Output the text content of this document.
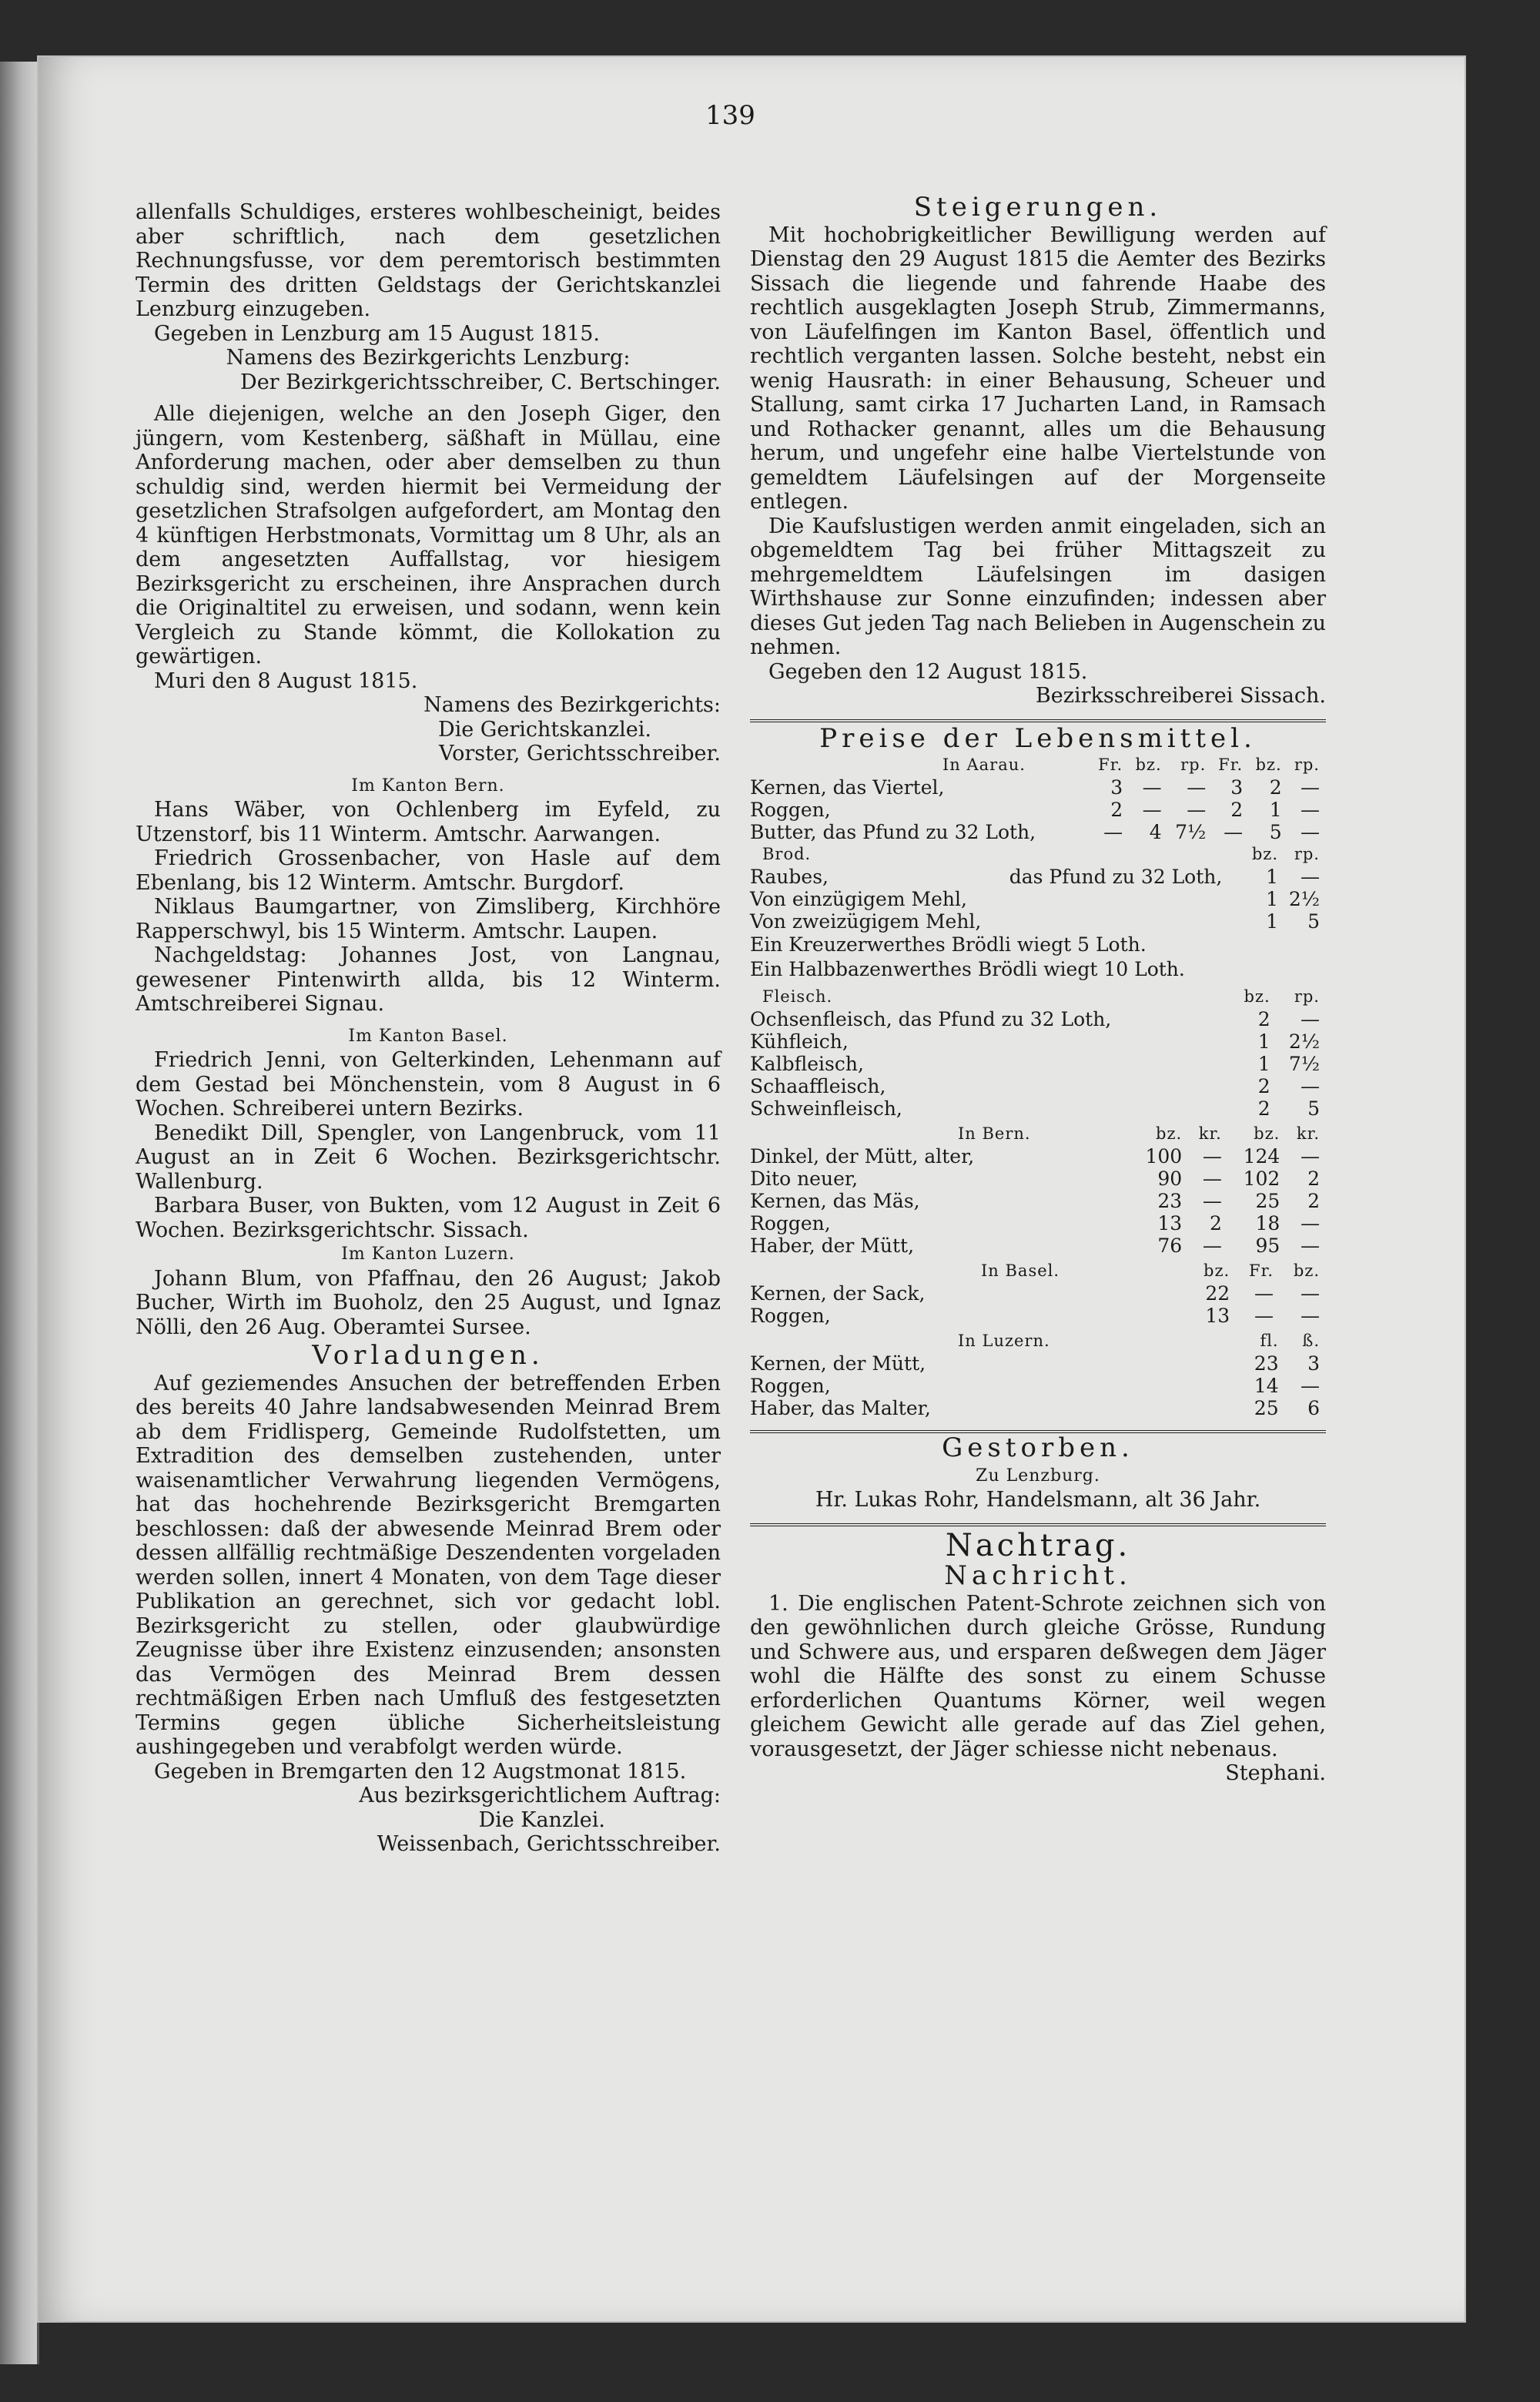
139

allenfalls Schuldiges, ersteres wohlbescheinigt, beides aber schriftlich, nach dem gesetzlichen Rechnungsfusse, vor dem peremtorisch bestimmten Termin des dritten Geldstags der Gerichtskanzlei Lenzburg einzugeben.

Gegeben in Lenzburg am 15 August 1815.

Namens des Bezirkgerichts Lenzburg:

Der Bezirkgerichtsschreiber, C. Bertschinger.

Alle diejenigen, welche an den Joseph Giger, den jüngern, vom Kestenberg, säßhaft in Müllau, eine Anforderung machen, oder aber demselben zu thun schuldig sind, werden hiermit bei Vermeidung der gesetzlichen Strafsolgen aufgefordert, am Montag den 4 künftigen Herbstmonats, Vormittag um 8 Uhr, als an dem angesetzten Auffallstag, vor hiesigem Bezirksgericht zu erscheinen, ihre Ansprachen durch die Originaltitel zu erweisen, und sodann, wenn kein Vergleich zu Stande kömmt, die Kollokation zu gewärtigen.

Muri den 8 August 1815.

Namens des Bezirkgerichts:

Die Gerichtskanzlei.

Vorster, Gerichtsschreiber.

Im Kanton Bern.

Hans Wäber, von Ochlenberg im Eyfeld, zu Utzenstorf, bis 11 Winterm. Amtschr. Aarwangen.

Friedrich Grossenbacher, von Hasle auf dem Ebenlang, bis 12 Winterm. Amtschr. Burgdorf.

Niklaus Baumgartner, von Zimsliberg, Kirchhöre Rapperschwyl, bis 15 Winterm. Amtschr. Laupen.

Nachgeldstag: Johannes Jost, von Langnau, gewesener Pintenwirth allda, bis 12 Winterm. Amtschreiberei Signau.

Im Kanton Basel.

Friedrich Jenni, von Gelterkinden, Lehenmann auf dem Gestad bei Mönchenstein, vom 8 August in 6 Wochen. Schreiberei untern Bezirks.

Benedikt Dill, Spengler, von Langenbruck, vom 11 August an in Zeit 6 Wochen. Bezirksgerichtschr. Wallenburg.

Barbara Buser, von Bukten, vom 12 August in Zeit 6 Wochen. Bezirksgerichtschr. Sissach.

Im Kanton Luzern.

Johann Blum, von Pfaffnau, den 26 August; Jakob Bucher, Wirth im Buoholz, den 25 August, und Ignaz Nölli, den 26 Aug. Oberamtei Sursee.

Vorladungen.

Auf geziemendes Ansuchen der betreffenden Erben des bereits 40 Jahre landsabwesenden Meinrad Brem ab dem Fridlisperg, Gemeinde Rudolfstetten, um Extradition des demselben zustehenden, unter waisenamtlicher Verwahrung liegenden Vermögens, hat das hochehrende Bezirksgericht Bremgarten beschlossen: daß der abwesende Meinrad Brem oder dessen allfällig rechtmäßige Deszendenten vorgeladen werden sollen, innert 4 Monaten, von dem Tage dieser Publikation an gerechnet, sich vor gedacht lobl. Bezirksgericht zu stellen, oder glaubwürdige Zeugnisse über ihre Existenz einzusenden; ansonsten das Vermögen des Meinrad Brem dessen rechtmäßigen Erben nach Umfluß des festgesetzten Termins gegen übliche Sicherheitsleistung aushingegeben und verabfolgt werden würde.

Gegeben in Bremgarten den 12 Augstmonat 1815.

Aus bezirksgerichtlichem Auftrag:

Die Kanzlei.

Weissenbach, Gerichtsschreiber.

Steigerungen.

Mit hochobrigkeitlicher Bewilligung werden auf Dienstag den 29 August 1815 die Aemter des Bezirks Sissach die liegende und fahrende Haabe des rechtlich ausgeklagten Joseph Strub, Zimmermanns, von Läufelfingen im Kanton Basel, öffentlich und rechtlich verganten lassen. Solche besteht, nebst ein wenig Hausrath: in einer Behausung, Scheuer und Stallung, samt cirka 17 Jucharten Land, in Ramsach und Rothacker genannt, alles um die Behausung herum, und ungefehr eine halbe Viertelstunde von gemeldtem Läufelsingen auf der Morgenseite entlegen.

Die Kaufslustigen werden anmit eingeladen, sich an obgemeldtem Tag bei früher Mittagszeit zu mehrgemeldtem Läufelsingen im dasigen Wirthshause zur Sonne einzufinden; indessen aber dieses Gut jeden Tag nach Belieben in Augenschein zu nehmen.

Gegeben den 12 August 1815.

Bezirksschreiberei Sissach.

Preise der Lebensmittel.

In Aarau.	Fr.	bz.	rp.	Fr.	bz.	rp.
Kernen, das Viertel,	3	—	—	3	2	—
Roggen,	2	—	—	2	1	—
Butter, das Pfund zu 32 Loth,	—	4	7½	—	5	—
Brod.		bz.	rp.
Raubes,	das Pfund zu 32 Loth,	1	—
Von einzügigem Mehl,		1	2½
Von zweizügigem Mehl,		1	5

Ein Kreuzerwerthes Brödli wiegt 5 Loth.

Ein Halbbazenwerthes Brödli wiegt 10 Loth.

Fleisch.	bz.	rp.
Ochsenfleisch, das Pfund zu 32 Loth,	2	—
Kühfleich,	1	2½
Kalbfleisch,	1	7½
Schaaffleisch,	2	—
Schweinfleisch,	2	5
In Bern.	bz.	kr.	bz.	kr.
Dinkel, der Mütt, alter,	100	—	124	—
Dito neuer,	90	—	102	2
Kernen, das Mäs,	23	—	25	2
Roggen,	13	2	18	—
Haber, der Mütt,	76	—	95	—
In Basel.	bz.	Fr.	bz.
Kernen, der Sack,	22	—	—
Roggen,	13	—	—
In Luzern.	fl.	ß.
Kernen, der Mütt,	23	3
Roggen,	14	—
Haber, das Malter,	25	6

Gestorben.

Zu Lenzburg.

Hr. Lukas Rohr, Handelsmann, alt 36 Jahr.

Nachtrag.

Nachricht.

1. Die englischen Patent-Schrote zeichnen sich von den gewöhnlichen durch gleiche Grösse, Rundung und Schwere aus, und ersparen deßwegen dem Jäger wohl die Hälfte des sonst zu einem Schusse erforderlichen Quantums Körner, weil wegen gleichem Gewicht alle gerade auf das Ziel gehen, vorausgesetzt, der Jäger schiesse nicht nebenaus.

Stephani.
